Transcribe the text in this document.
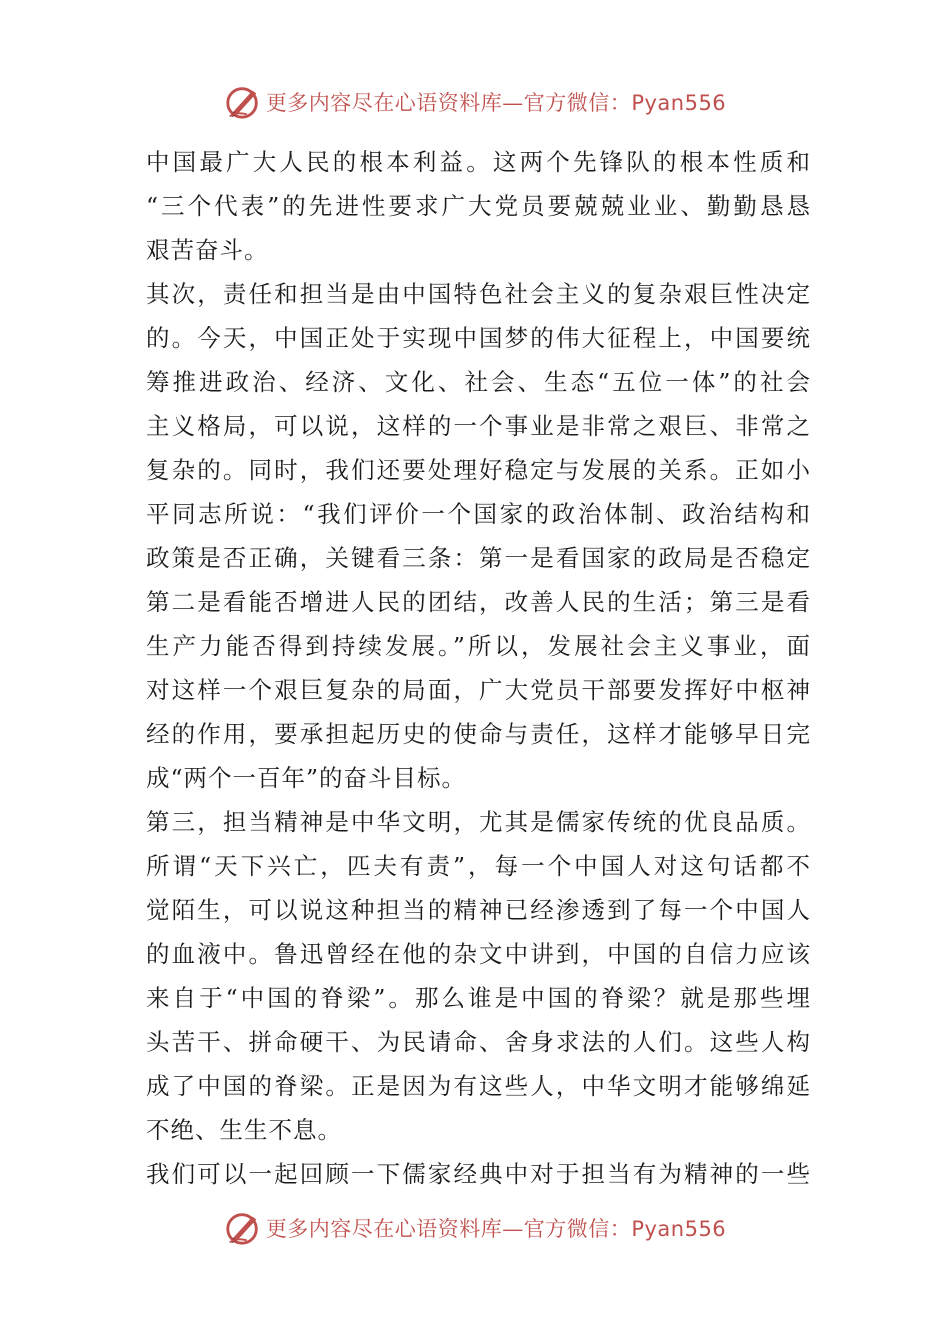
更多内容尽在心语资料库—官方微信：Pyan556
中国最广大人民的根本利益。这两个先锋队的根本性质和
“三个代表”的先进性要求广大党员要兢兢业业、勤勤恳恳
艰苦奋斗。
其次，责任和担当是由中国特色社会主义的复杂艰巨性决定
的。今天，中国正处于实现中国梦的伟大征程上，中国要统
筹推进政治、经济、文化、社会、生态“五位一体”的社会
主义格局，可以说，这样的一个事业是非常之艰巨、非常之
复杂的。同时，我们还要处理好稳定与发展的关系。正如小
平同志所说：“我们评价一个国家的政治体制、政治结构和
政策是否正确，关键看三条：第一是看国家的政局是否稳定
第二是看能否增进人民的团结，改善人民的生活；第三是看
生产力能否得到持续发展。”所以，发展社会主义事业，面
对这样一个艰巨复杂的局面，广大党员干部要发挥好中枢神
经的作用，要承担起历史的使命与责任，这样才能够早日完
成“两个一百年”的奋斗目标。
第三，担当精神是中华文明，尤其是儒家传统的优良品质。
所谓“天下兴亡，匹夫有责”，每一个中国人对这句话都不
觉陌生，可以说这种担当的精神已经渗透到了每一个中国人
的血液中。鲁迅曾经在他的杂文中讲到，中国的自信力应该
来自于“中国的脊梁”。那么谁是中国的脊梁？就是那些埋
头苦干、拼命硬干、为民请命、舍身求法的人们。这些人构
成了中国的脊梁。正是因为有这些人，中华文明才能够绵延
不绝、生生不息。
我们可以一起回顾一下儒家经典中对于担当有为精神的一些
更多内容尽在心语资料库—官方微信：Pyan556
